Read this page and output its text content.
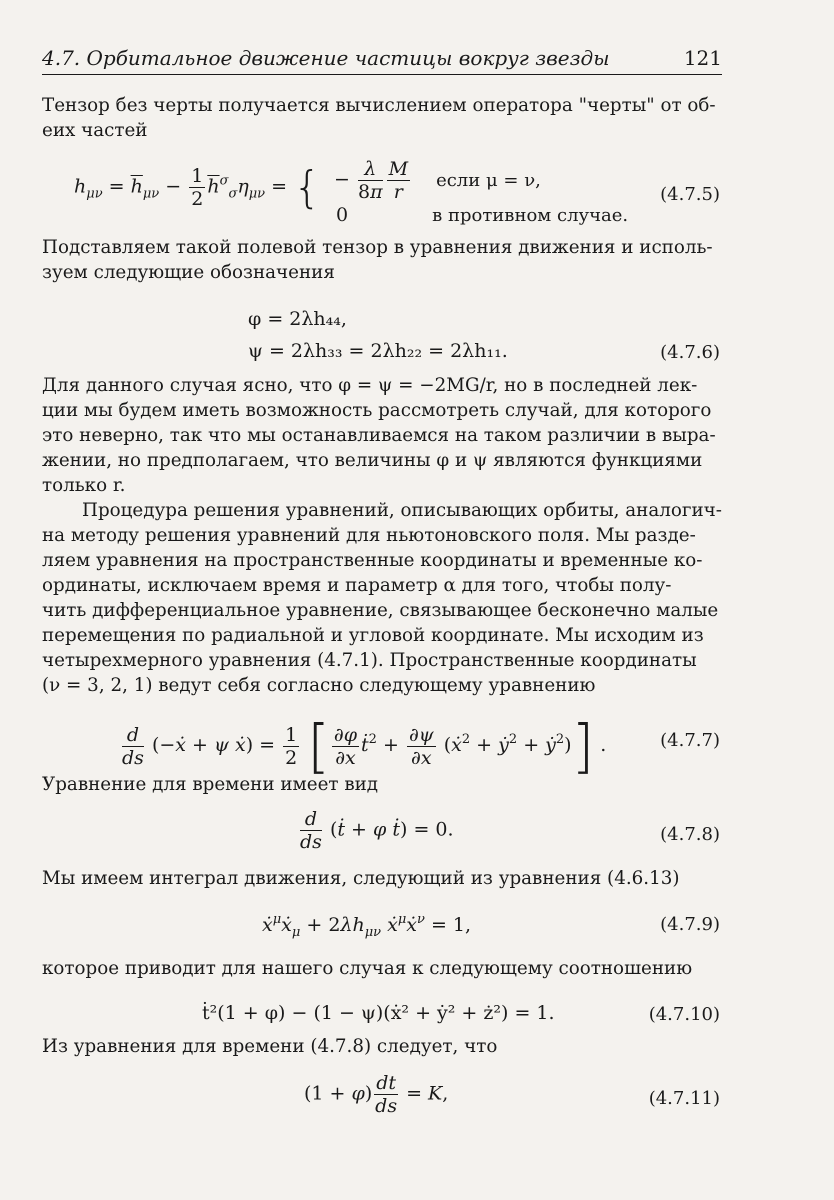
4.7. Орбитальное движение частицы вокруг звезды	121
Тензор без черты получается вычислением оператора "черты" от об-
еих частей
$h_{\mu\nu} = \overline{h}_{\mu\nu} - \frac{1}{2} \overline{h}^\sigma_\sigma\eta_{\mu\nu}$ = { − $\frac{\lambda}{8\pi} \frac{M}{r}$ если μ = ν,
0	в противном случае.
(4.7.5)
Подставляем такой полевой тензор в уравнения движения и исполь-
зуем следующие обозначения
φ = 2λh₄₄,
ψ = 2λh₃₃ = 2λh₂₂ = 2λh₁₁.	(4.7.6)
Для данного случая ясно, что φ = ψ = −2MG/r, но в последней лек-
ции мы будем иметь возможность рассмотреть случай, для которого
это неверно, так что мы останавливаемся на таком различии в выра-
жении, но предполагаем, что величины φ и ψ являются функциями
только r.
Процедура решения уравнений, описывающих орбиты, аналогич-
на методу решения уравнений для ньютоновского поля. Мы разде-
ляем уравнения на пространственные координаты и временные ко-
ординаты, исключаем время и параметр α для того, чтобы полу-
чить дифференциальное уравнение, связывающее бесконечно малые
перемещения по радиальной и угловой координате. Мы исходим из
четырехмерного уравнения (4.7.1). Пространственные координаты
(ν = 3, 2, 1) ведут себя согласно следующему уравнению
$\frac{d}{ds}$ (−ẋ + ψ ẋ) = $\frac{1}{2}$ [ $\frac{\partial\varphi}{\partial x}$ ṫ$^2$ + $\frac{\partial\psi}{\partial x}$ (ẋ$^2$ + ẏ$^2$ + ẏ$^2$)] .	(4.7.7)
Уравнение для времени имеет вид
$\frac{d}{ds}$ (ṫ + φ ṫ) = 0.	(4.7.8)
Мы имеем интеграл движения, следующий из уравнения (4.6.13)
ẋ$^\mu$ẋ$_\mu$ + $2\lambda h_{\mu\nu}$ ẋ$^\mu$ẋ$^\nu$ = 1,	(4.7.9)
которое приводит для нашего случая к следующему соотношению
ṫ²(1 + φ) − (1 − ψ)(ẋ² + ẏ² + ż²) = 1.	(4.7.10)
Из уравнения для времени (4.7.8) следует, что
$(1 + \varphi) \frac{dt}{ds} = K$,	(4.7.11)
